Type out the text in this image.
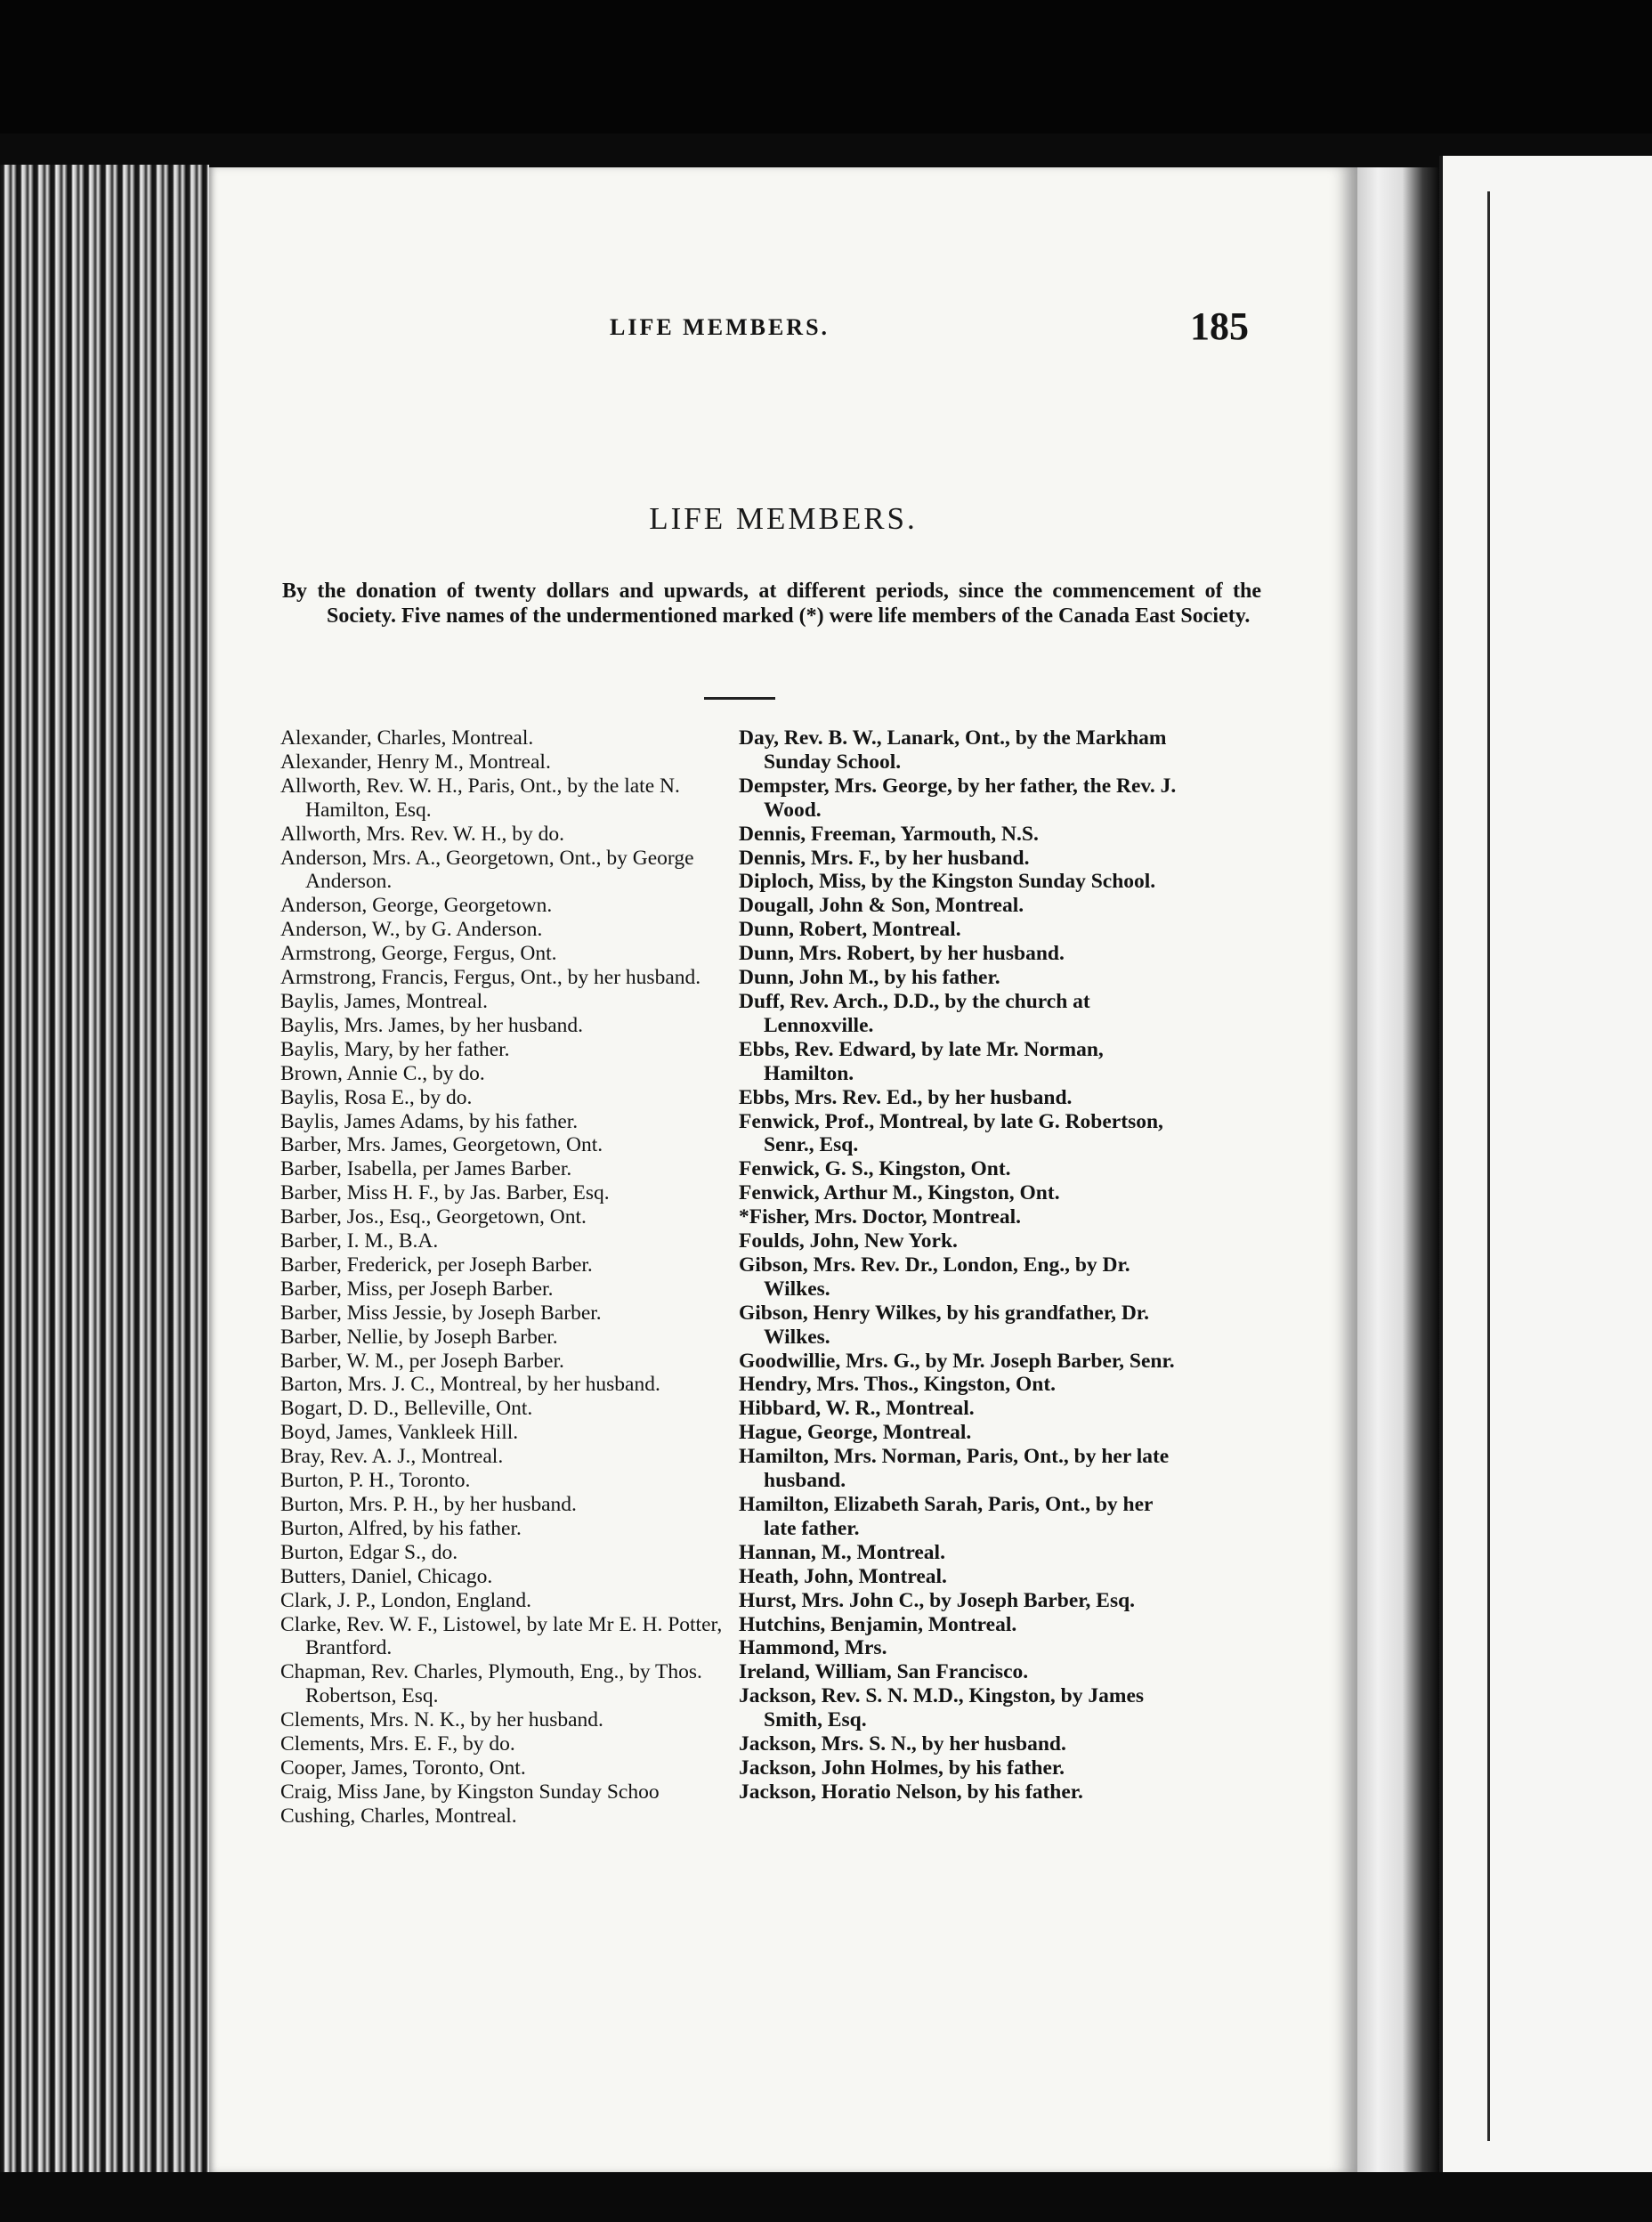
LIFE MEMBERS.	185
LIFE MEMBERS.
By the donation of twenty dollars and upwards, at different periods, since the commencement of the Society. Five names of the undermentioned marked (*) were life members of the Canada East Society.
Alexander, Charles, Montreal.
Alexander, Henry M., Montreal.
Allworth, Rev. W. H., Paris, Ont., by the late N. Hamilton, Esq.
Allworth, Mrs. Rev. W. H., by do.
Anderson, Mrs. A., Georgetown, Ont., by George Anderson.
Anderson, George, Georgetown.
Anderson, W., by G. Anderson.
Armstrong, George, Fergus, Ont.
Armstrong, Francis, Fergus, Ont., by her husband.
Baylis, James, Montreal.
Baylis, Mrs. James, by her husband.
Baylis, Mary, by her father.
Brown, Annie C., by do.
Baylis, Rosa E., by do.
Baylis, James Adams, by his father.
Barber, Mrs. James, Georgetown, Ont.
Barber, Isabella, per James Barber.
Barber, Miss H. F., by Jas. Barber, Esq.
Barber, Jos., Esq., Georgetown, Ont.
Barber, I. M., B.A.
Barber, Frederick, per Joseph Barber.
Barber, Miss, per Joseph Barber.
Barber, Miss Jessie, by Joseph Barber.
Barber, Nellie, by Joseph Barber.
Barber, W. M., per Joseph Barber.
Barton, Mrs. J. C., Montreal, by her husband.
Bogart, D. D., Belleville, Ont.
Boyd, James, Vankleek Hill.
Bray, Rev. A. J., Montreal.
Burton, P. H., Toronto.
Burton, Mrs. P. H., by her husband.
Burton, Alfred, by his father.
Burton, Edgar S., do.
Butters, Daniel, Chicago.
Clark, J. P., London, England.
Clarke, Rev. W. F., Listowel, by late Mr E. H. Potter, Brantford.
Chapman, Rev. Charles, Plymouth, Eng., by Thos. Robertson, Esq.
Clements, Mrs. N. K., by her husband.
Clements, Mrs. E. F., by do.
Cooper, James, Toronto, Ont.
Craig, Miss Jane, by Kingston Sunday Schoo
Cushing, Charles, Montreal.
Day, Rev. B. W., Lanark, Ont., by the Markham Sunday School.
Dempster, Mrs. George, by her father, the Rev. J. Wood.
Dennis, Freeman, Yarmouth, N.S.
Dennis, Mrs. F., by her husband.
Diploch, Miss, by the Kingston Sunday School.
Dougall, John & Son, Montreal.
Dunn, Robert, Montreal.
Dunn, Mrs. Robert, by her husband.
Dunn, John M., by his father.
Duff, Rev. Arch., D.D., by the church at Lennoxville.
Ebbs, Rev. Edward, by late Mr. Norman, Hamilton.
Ebbs, Mrs. Rev. Ed., by her husband.
Fenwick, Prof., Montreal, by late G. Robertson, Senr., Esq.
Fenwick, G. S., Kingston, Ont.
Fenwick, Arthur M., Kingston, Ont.
*Fisher, Mrs. Doctor, Montreal.
Foulds, John, New York.
Gibson, Mrs. Rev. Dr., London, Eng., by Dr. Wilkes.
Gibson, Henry Wilkes, by his grandfather, Dr. Wilkes.
Goodwillie, Mrs. G., by Mr. Joseph Barber, Senr.
Hendry, Mrs. Thos., Kingston, Ont.
Hibbard, W. R., Montreal.
Hague, George, Montreal.
Hamilton, Mrs. Norman, Paris, Ont., by her late husband.
Hamilton, Elizabeth Sarah, Paris, Ont., by her late father.
Hannan, M., Montreal.
Heath, John, Montreal.
Hurst, Mrs. John C., by Joseph Barber, Esq.
Hutchins, Benjamin, Montreal.
Hammond, Mrs.
Ireland, William, San Francisco.
Jackson, Rev. S. N. M.D., Kingston, by James Smith, Esq.
Jackson, Mrs. S. N., by her husband.
Jackson, John Holmes, by his father.
Jackson, Horatio Nelson, by his father.
